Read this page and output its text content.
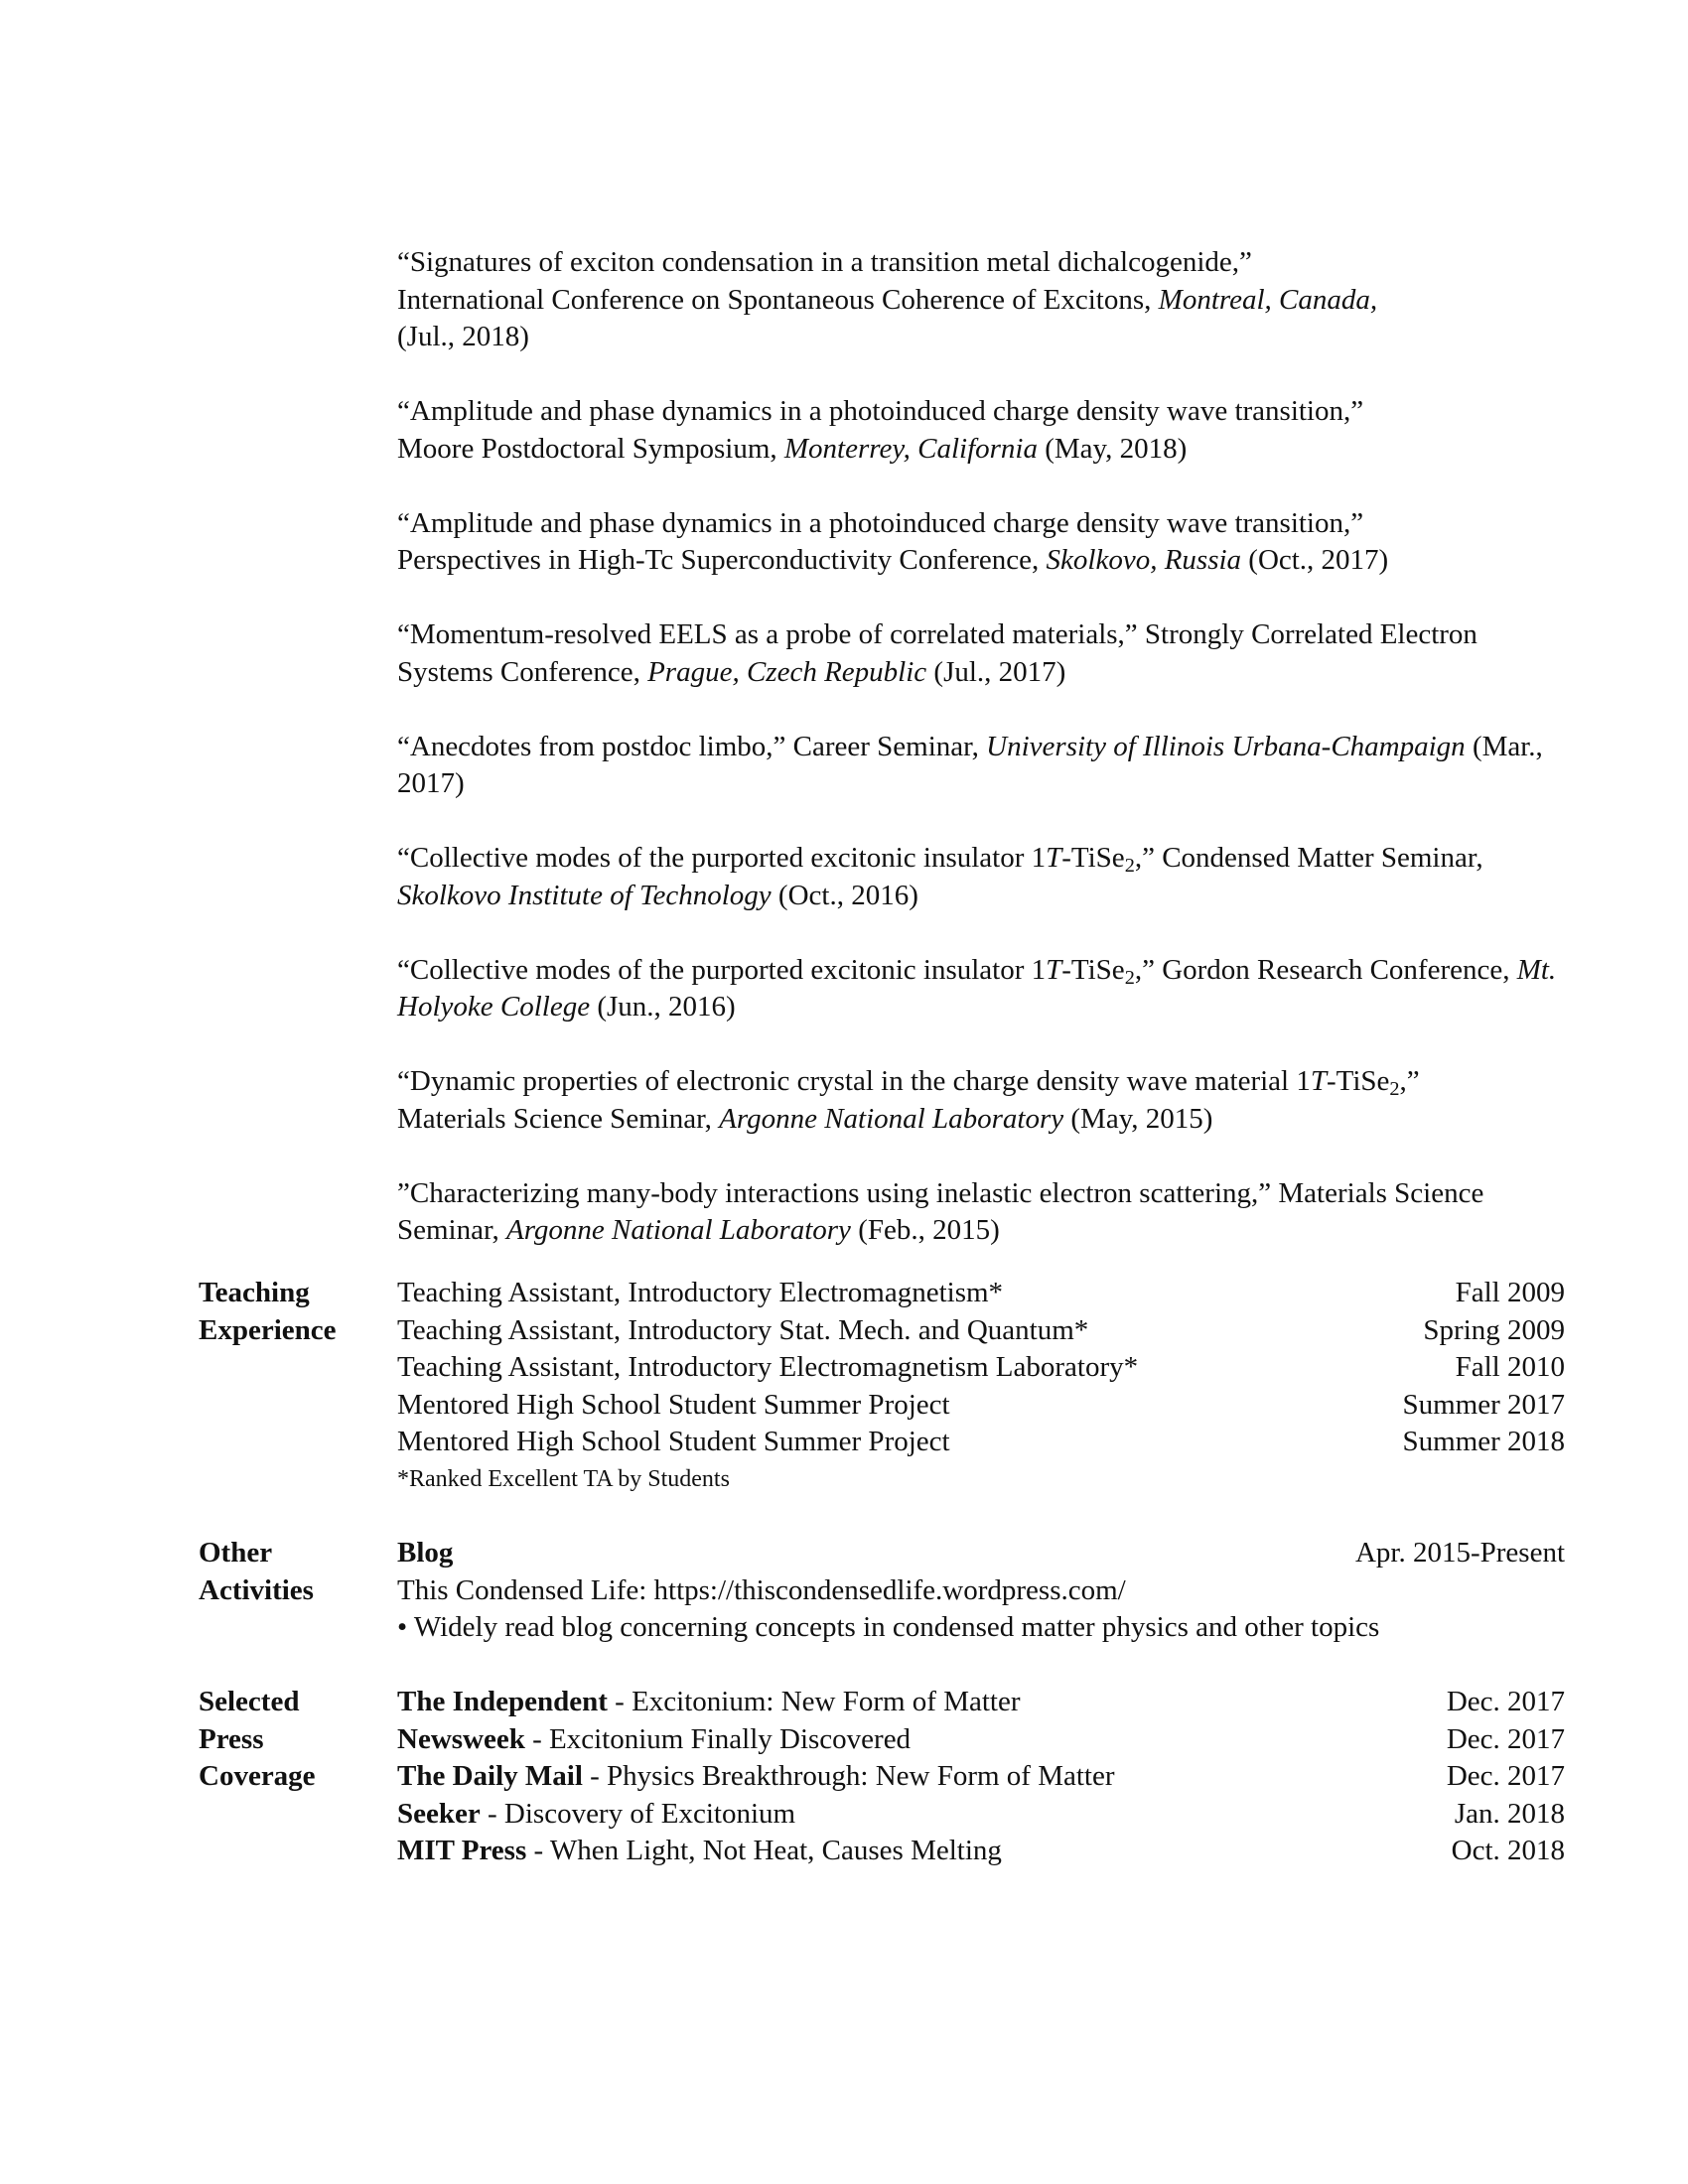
“Signatures of exciton condensation in a transition metal dichalcogenide,”
International Conference on Spontaneous Coherence of Excitons, Montreal, Canada,
(Jul., 2018)
“Amplitude and phase dynamics in a photoinduced charge density wave transition,”
Moore Postdoctoral Symposium, Monterrey, California (May, 2018)
“Amplitude and phase dynamics in a photoinduced charge density wave transition,”
Perspectives in High-Tc Superconductivity Conference, Skolkovo, Russia (Oct., 2017)
“Momentum-resolved EELS as a probe of correlated materials,” Strongly Correlated Electron Systems Conference, Prague, Czech Republic (Jul., 2017)
“Anecdotes from postdoc limbo,” Career Seminar, University of Illinois Urbana-Champaign (Mar., 2017)
“Collective modes of the purported excitonic insulator 1T-TiSe$_2$,” Condensed Matter Seminar, Skolkovo Institute of Technology (Oct., 2016)
“Collective modes of the purported excitonic insulator 1T-TiSe$_2$,” Gordon Research Conference, Mt. Holyoke College (Jun., 2016)
“Dynamic properties of electronic crystal in the charge density wave material 1T-TiSe$_2$,”
Materials Science Seminar, Argonne National Laboratory (May, 2015)
”Characterizing many-body interactions using inelastic electron scattering,” Materials Science Seminar, Argonne National Laboratory (Feb., 2015)
Teaching
Experience
Teaching Assistant, Introductory Electromagnetism*	Fall 2009
Teaching Assistant, Introductory Stat. Mech. and Quantum*	Spring 2009
Teaching Assistant, Introductory Electromagnetism Laboratory*	Fall 2010
Mentored High School Student Summer Project	Summer 2017
Mentored High School Student Summer Project	Summer 2018
*Ranked Excellent TA by Students
Other
Activities
Blog	Apr. 2015-Present
This Condensed Life: https://thiscondensedlife.wordpress.com/
• Widely read blog concerning concepts in condensed matter physics and other topics
Selected
Press
Coverage
The Independent - Excitonium: New Form of Matter	Dec. 2017
Newsweek - Excitonium Finally Discovered	Dec. 2017
The Daily Mail - Physics Breakthrough: New Form of Matter	Dec. 2017
Seeker - Discovery of Excitonium	Jan. 2018
MIT Press - When Light, Not Heat, Causes Melting	Oct. 2018
